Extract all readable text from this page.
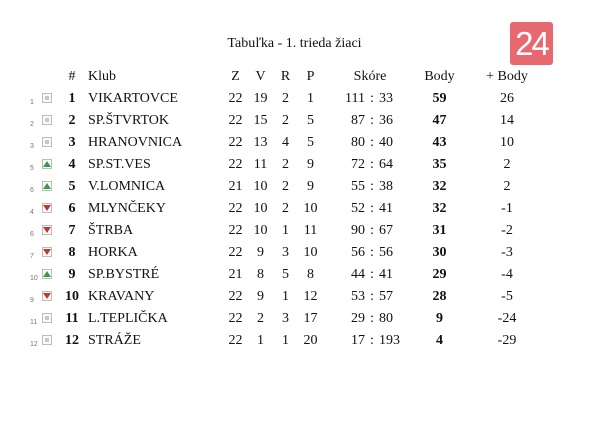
24
Tabuľka - 1. trieda žiaci
	#	Klub	Z	V	R	P	Skóre	Body	+ Body

1	1	VIKARTOVCE	22	19	2	1	111 : 33	59	26

2	2	SP.ŠTVRTOK	22	15	2	5	87 : 36	47	14

3	3	HRANOVNICA	22	13	4	5	80 : 40	43	10

5	4	SP.ST.VES	22	11	2	9	72 : 64	35	2

6	5	V.LOMNICA	21	10	2	9	55 : 38	32	2

4	6	MLYNČEKY	22	10	2	10	52 : 41	32	-1

6	7	ŠTRBA	22	10	1	11	90 : 67	31	-2

7	8	HORKA	22	9	3	10	56 : 56	30	-3

10	9	SP.BYSTRÉ	21	8	5	8	44 : 41	29	-4

9	10	KRAVANY	22	9	1	12	53 : 57	28	-5

11	11	L.TEPLIČKA	22	2	3	17	29 : 80	9	-24

12	12	STRÁŽE	22	1	1	20	17 : 193	4	-29
